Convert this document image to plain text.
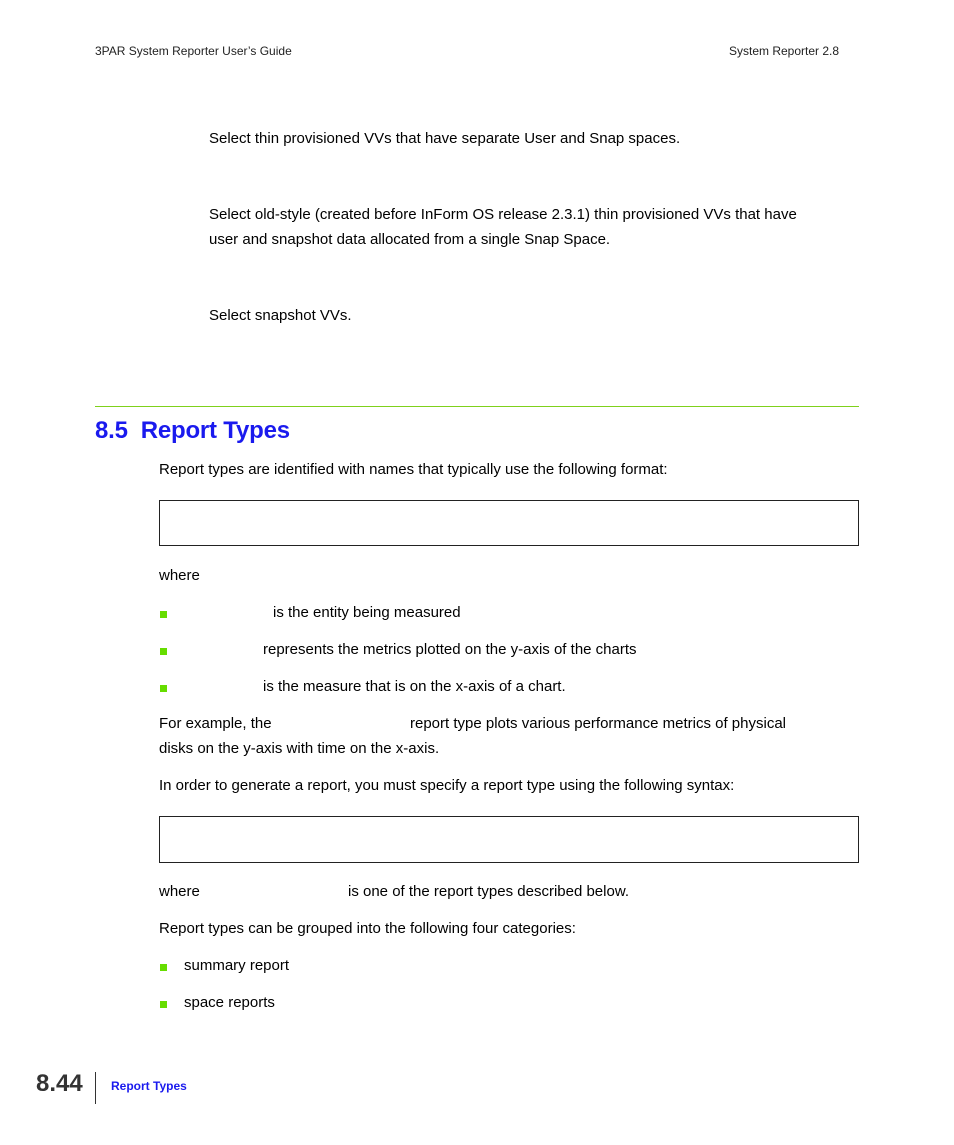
3PAR System Reporter User’s Guide	System Reporter 2.8
Select thin provisioned VVs that have separate User and Snap spaces.
Select old-style (created before InForm OS release 2.3.1) thin provisioned VVs that have
user and snapshot data allocated from a single Snap Space.
Select snapshot VVs.
8.5 Report Types
Report types are identified with names that typically use the following format:
where
is the entity being measured
represents the metrics plotted on the y-axis of the charts
is the measure that is on the x-axis of a chart.
For example, the	report type plots various performance metrics of physical
disks on the y-axis with time on the x-axis.
In order to generate a report, you must specify a report type using the following syntax:
where	is one of the report types described below.
Report types can be grouped into the following four categories:
summary report
space reports
8.44 Report Types
